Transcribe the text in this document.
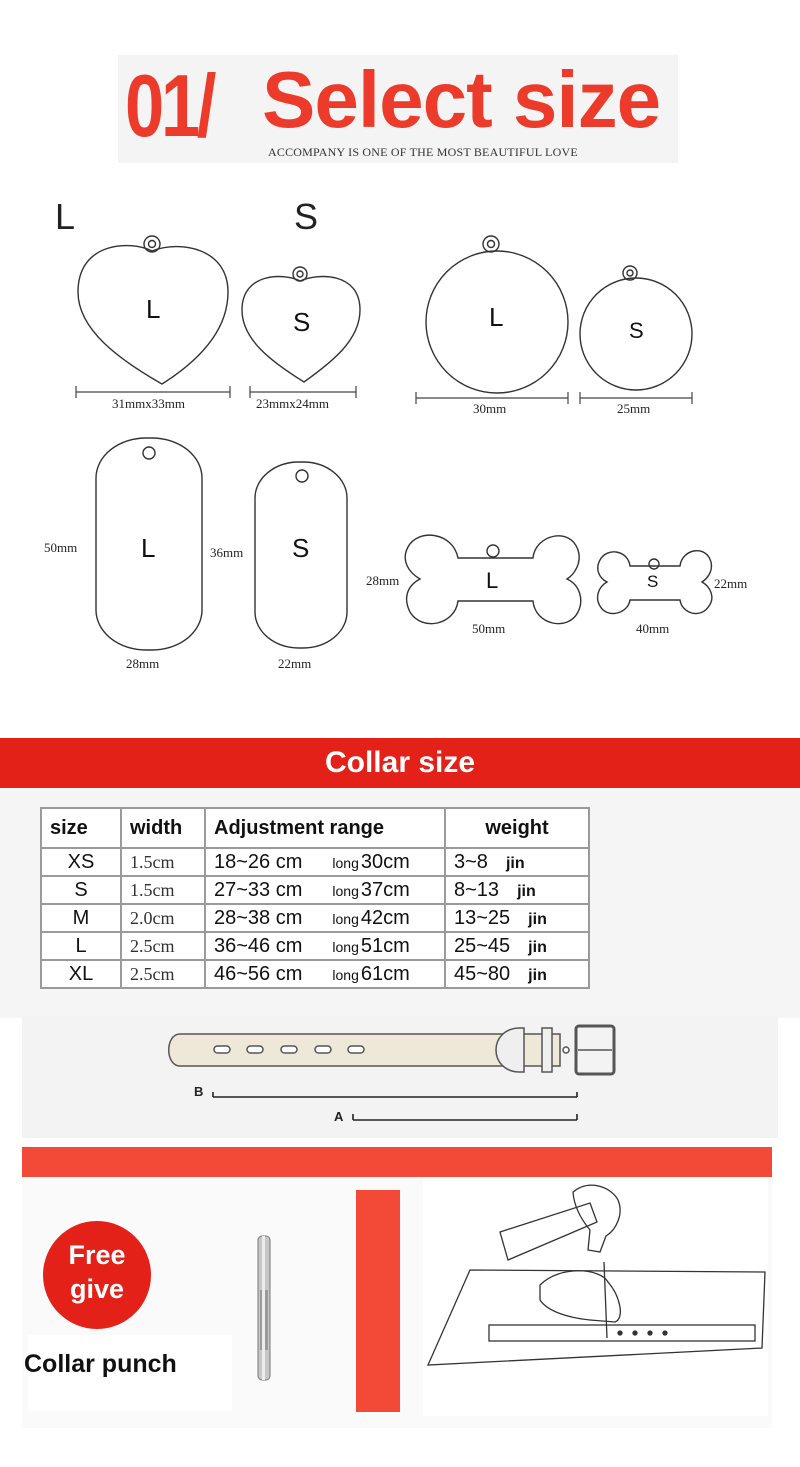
01/ Select size
ACCOMPANY IS ONE OF THE MOST BEAUTIFUL LOVE
L	S
L	S	L	S
L	S
L	S
31mmx33mm	23mmx24mm	30mm	25mm
50mm
28mm
36mm
22mm
28mm
50mm
22mm
40mm
Collar size
size	width	Adjustment range	weight
XS	1.5cm	18~26 cm long 30cm	3~8 jin
S	1.5cm	27~33 cm long 37cm	8~13 jin
M	2.0cm	28~38 cm long 42cm	13~25 jin
L	2.5cm	36~46 cm long 51cm	25~45 jin
XL	2.5cm	46~56 cm long 61cm	45~80 jin
B
A
Free
give
Collar punch
